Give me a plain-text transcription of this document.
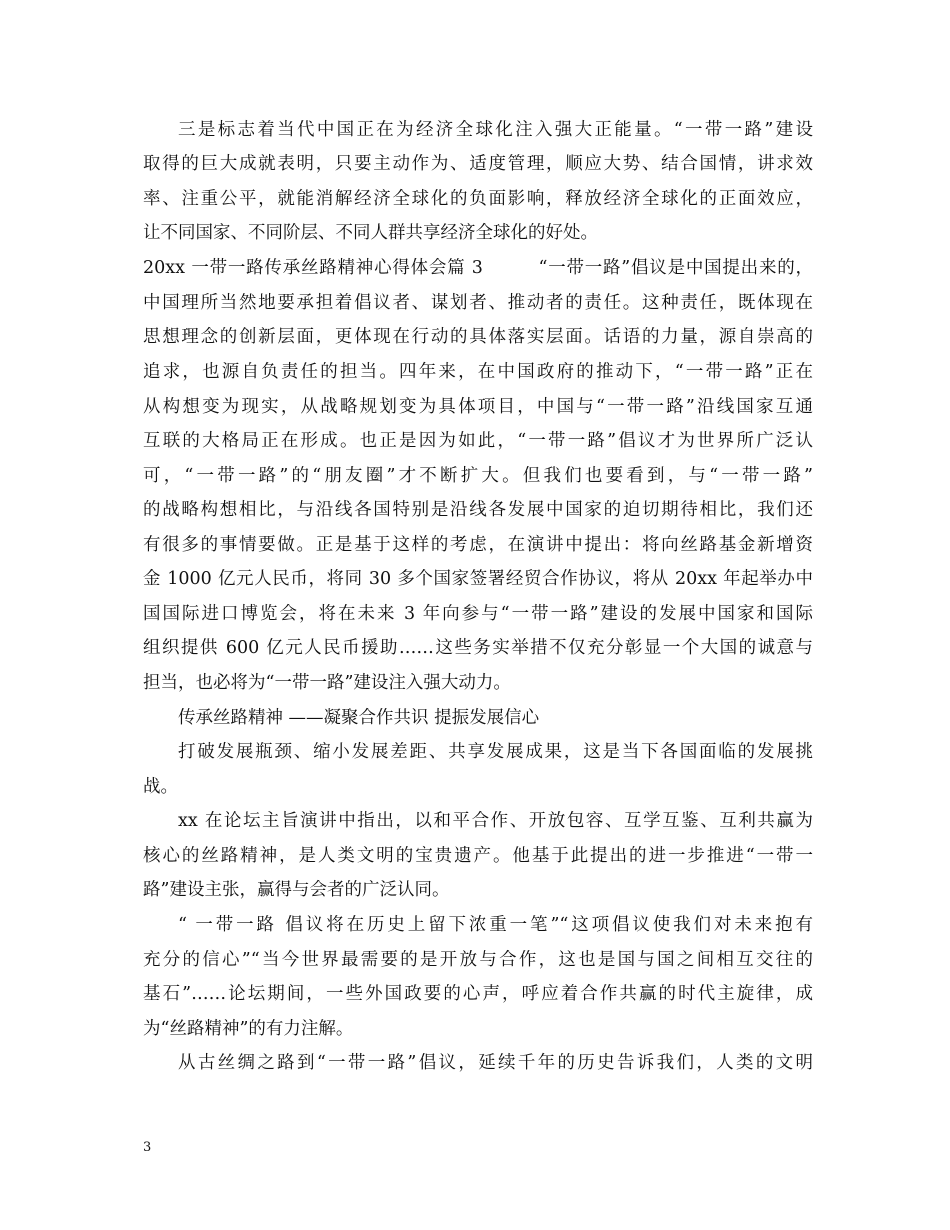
三是标志着当代中国正在为经济全球化注入强大正能量。“一带一路”建设
取得的巨大成就表明，只要主动作为、适度管理，顺应大势、结合国情，讲求效
率、注重公平，就能消解经济全球化的负面影响，释放经济全球化的正面效应，
让不同国家、不同阶层、不同人群共享经济全球化的好处。
20xx 一带一路传承丝路精神心得体会篇 3　　　“一带一路”倡议是中国提出来的，
中国理所当然地要承担着倡议者、谋划者、推动者的责任。这种责任，既体现在
思想理念的创新层面，更体现在行动的具体落实层面。话语的力量，源自崇高的
追求，也源自负责任的担当。四年来，在中国政府的推动下，“一带一路”正在
从构想变为现实，从战略规划变为具体项目，中国与“一带一路”沿线国家互通
互联的大格局正在形成。也正是因为如此，“一带一路”倡议才为世界所广泛认
可，“一带一路”的“朋友圈”才不断扩大。但我们也要看到，与“一带一路”
的战略构想相比，与沿线各国特别是沿线各发展中国家的迫切期待相比，我们还
有很多的事情要做。正是基于这样的考虑，在演讲中提出：将向丝路基金新增资
金 1000 亿元人民币，将同 30 多个国家签署经贸合作协议，将从 20xx 年起举办中
国国际进口博览会，将在未来 3 年向参与“一带一路”建设的发展中国家和国际
组织提供 600 亿元人民币援助……这些务实举措不仅充分彰显一个大国的诚意与
担当，也必将为“一带一路”建设注入强大动力。
传承丝路精神 ——凝聚合作共识 提振发展信心
打破发展瓶颈、缩小发展差距、共享发展成果，这是当下各国面临的发展挑
战。
xx 在论坛主旨演讲中指出，以和平合作、开放包容、互学互鉴、互利共赢为
核心的丝路精神，是人类文明的宝贵遗产。他基于此提出的进一步推进“一带一
路”建设主张，赢得与会者的广泛认同。
“ 一带一路 倡议将在历史上留下浓重一笔”“这项倡议使我们对未来抱有
充分的信心”“当今世界最需要的是开放与合作，这也是国与国之间相互交往的
基石”……论坛期间，一些外国政要的心声，呼应着合作共赢的时代主旋律，成
为“丝路精神”的有力注解。
从古丝绸之路到“一带一路”倡议，延续千年的历史告诉我们，人类的文明
3
